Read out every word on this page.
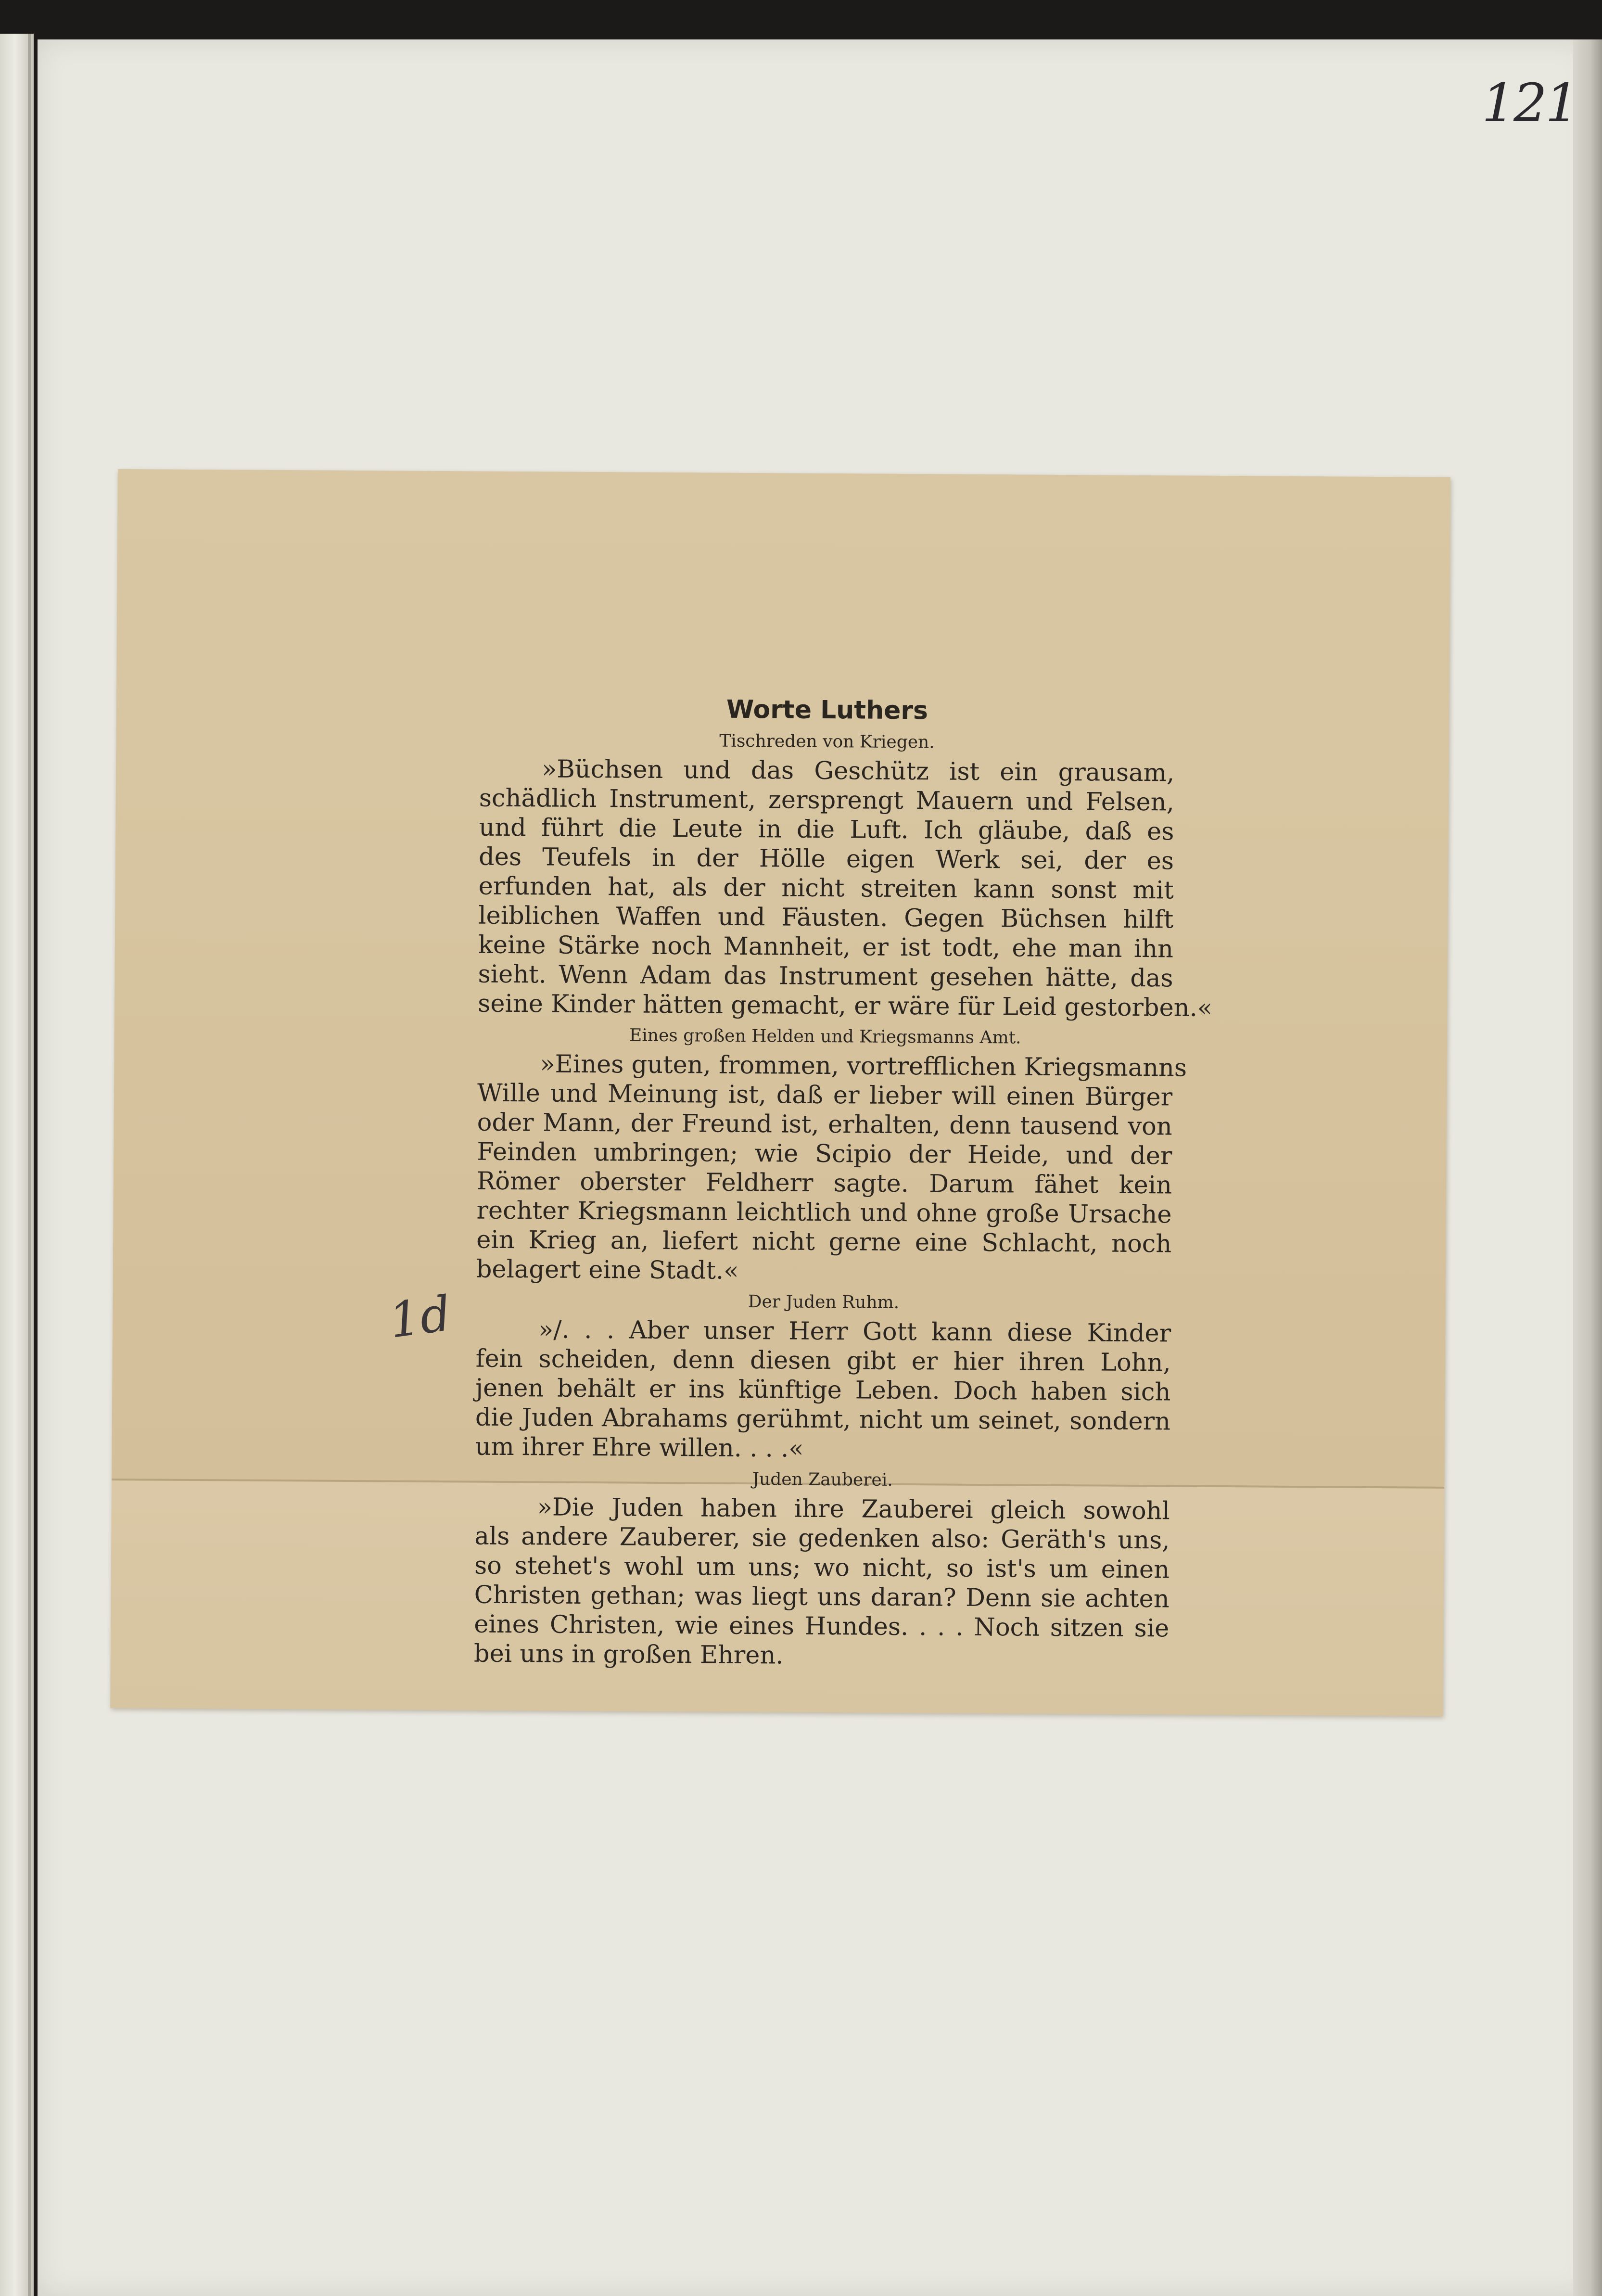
121
1d
Worte Luthers
Tischreden von Kriegen.
»Büchsen und das Geschütz ist ein grausam,
schädlich Instrument, zersprengt Mauern und Felsen,
und führt die Leute in die Luft. Ich gläube, daß es
des Teufels in der Hölle eigen Werk sei, der es
erfunden hat, als der nicht streiten kann sonst mit
leiblichen Waffen und Fäusten. Gegen Büchsen hilft
keine Stärke noch Mannheit, er ist todt, ehe man ihn
sieht. Wenn Adam das Instrument gesehen hätte, das
seine Kinder hätten gemacht, er wäre für Leid gestorben.«
Eines großen Helden und Kriegsmanns Amt.
»Eines guten, frommen, vortrefflichen Kriegsmanns
Wille und Meinung ist, daß er lieber will einen Bürger
oder Mann, der Freund ist, erhalten, denn tausend von
Feinden umbringen; wie Scipio der Heide, und der
Römer oberster Feldherr sagte. Darum fähet kein
rechter Kriegsmann leichtlich und ohne große Ursache
ein Krieg an, liefert nicht gerne eine Schlacht, noch
belagert eine Stadt.«
Der Juden Ruhm.
»/. . . Aber unser Herr Gott kann diese Kinder
fein scheiden, denn diesen gibt er hier ihren Lohn,
jenen behält er ins künftige Leben. Doch haben sich
die Juden Abrahams gerühmt, nicht um seinet, sondern
um ihrer Ehre willen. . . .«
Juden Zauberei.
»Die Juden haben ihre Zauberei gleich sowohl
als andere Zauberer, sie gedenken also: Geräth's uns,
so stehet's wohl um uns; wo nicht, so ist's um einen
Christen gethan; was liegt uns daran? Denn sie achten
eines Christen, wie eines Hundes. . . . Noch sitzen sie
bei uns in großen Ehren.
